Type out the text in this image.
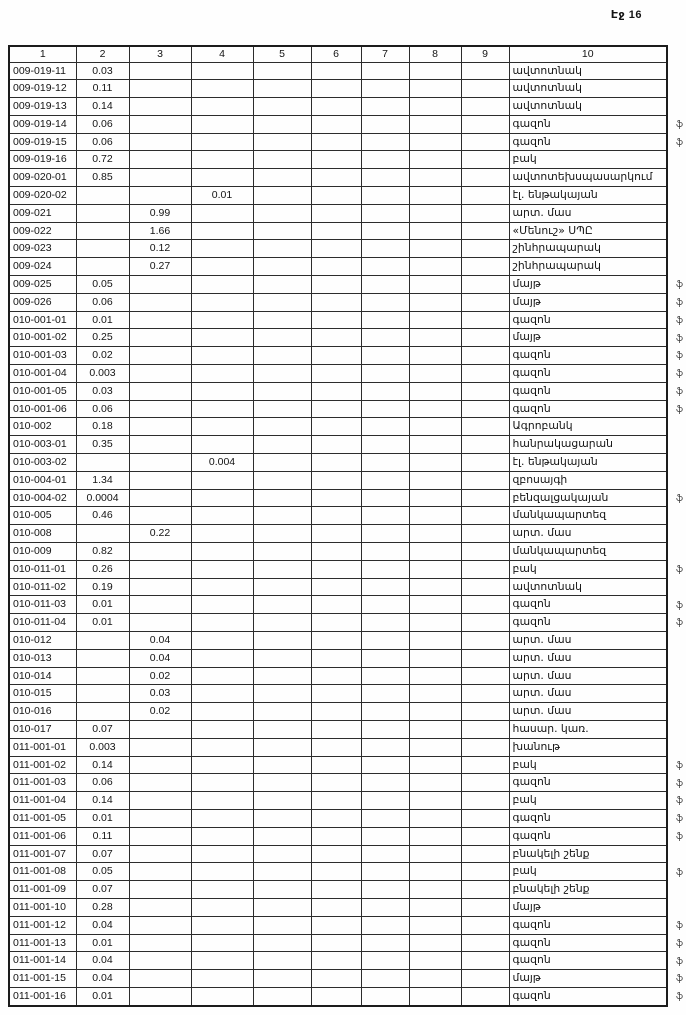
Էջ 16
1	2	3	4	5	6	7	8	9	10
009-019-11	0.03								ավտոտնակ
009-019-12	0.11								ավտոտնակ
009-019-13	0.14								ավտոտնակ
009-019-14	0.06								գազոն ֆ

009-019-15	0.06								գազոն ֆ

009-019-16	0.72								բակ
009-020-01	0.85								ավտոտեխսպասարկում
009-020-02			0.01						էլ. ենթակայան
009-021		0.99							արտ. մաս
009-022		1.66							«Մենուշ» ՍՊԸ
009-023		0.12							շինհրապարակ
009-024		0.27							շինհրապարակ
009-025	0.05								մայթ ֆ

009-026	0.06								մայթ ֆ

010-001-01	0.01								գազոն ֆ

010-001-02	0.25								մայթ ֆ

010-001-03	0.02								գազոն ֆ

010-001-04	0.003								գազոն ֆ

010-001-05	0.03								գազոն ֆ

010-001-06	0.06								գազոն ֆ

010-002	0.18								Ագրոբանկ
010-003-01	0.35								հանրակացարան
010-003-02			0.004						էլ. ենթակայան
010-004-01	1.34								զբոսայգի
010-004-02	0.0004								բենզալցակայան ֆ

010-005	0.46								մանկապարտեզ
010-008		0.22							արտ. մաս
010-009	0.82								մանկապարտեզ
010-011-01	0.26								բակ ֆ

010-011-02	0.19								ավտոտնակ
010-011-03	0.01								գազոն ֆ

010-011-04	0.01								գազոն ֆ

010-012		0.04							արտ. մաս
010-013		0.04							արտ. մաս
010-014		0.02							արտ. մաս
010-015		0.03							արտ. մաս
010-016		0.02							արտ. մաս
010-017	0.07								հասար. կառ.
011-001-01	0.003								խանութ
011-001-02	0.14								բակ ֆ

011-001-03	0.06								գազոն ֆ

011-001-04	0.14								բակ ֆ

011-001-05	0.01								գազոն ֆ

011-001-06	0.11								գազոն ֆ

011-001-07	0.07								բնակելի շենք
011-001-08	0.05								բակ ֆ

011-001-09	0.07								բնակելի շենք
011-001-10	0.28								մայթ
011-001-12	0.04								գազոն ֆ

011-001-13	0.01								գազոն ֆ

011-001-14	0.04								գազոն ֆ

011-001-15	0.04								մայթ ֆ

011-001-16	0.01								գազոն ֆ
